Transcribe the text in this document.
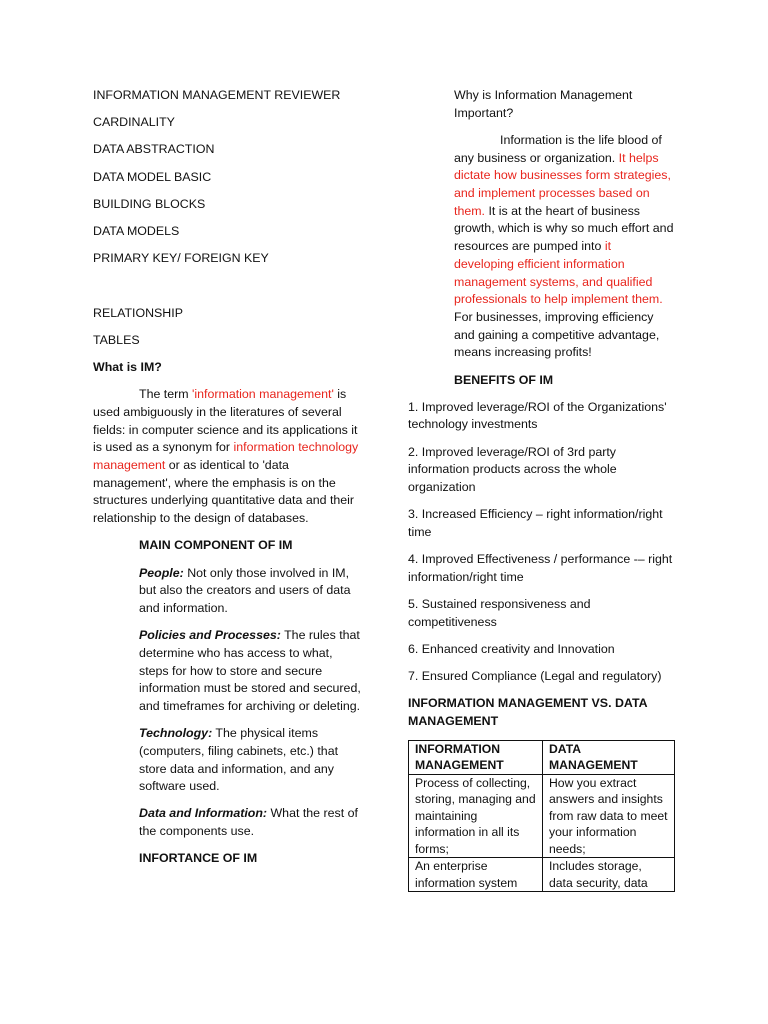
INFORMATION MANAGEMENT REVIEWER

CARDINALITY

DATA ABSTRACTION

DATA MODEL BASIC

BUILDING BLOCKS

DATA MODELS

PRIMARY KEY/ FOREIGN KEY

RELATIONSHIP

TABLES

What is IM?

The term 'information management' is used ambiguously in the literatures of several fields: in computer science and its applications it is used as a synonym for information technology management or as identical to 'data management', where the emphasis is on the structures underlying quantitative data and their relationship to the design of databases.

MAIN COMPONENT OF IM

People: Not only those involved in IM, but also the creators and users of data and information.

Policies and Processes: The rules that determine who has access to what, steps for how to store and secure information must be stored and secured, and timeframes for archiving or deleting.

Technology: The physical items (computers, filing cabinets, etc.) that store data and information, and any software used.

Data and Information: What the rest of the components use.

INFORTANCE OF IM

Why is Information Management Important?

Information is the life blood of any business or organization. It helps dictate how businesses form strategies, and implement processes based on them. It is at the heart of business growth, which is why so much effort and resources are pumped into it developing efficient information management systems, and qualified professionals to help implement them. For businesses, improving efficiency and gaining a competitive advantage, means increasing profits!

BENEFITS OF IM

1. Improved leverage/ROI of the Organizations' technology investments

2. Improved leverage/ROI of 3rd party information products across the whole organization

3. Increased Efficiency – right information/right time

4. Improved Effectiveness / performance -– right information/right time

5. Sustained responsiveness and competitiveness

6. Enhanced creativity and Innovation

7. Ensured Compliance (Legal and regulatory)

INFORMATION MANAGEMENT VS. DATA MANAGEMENT

INFORMATION MANAGEMENT	DATA MANAGEMENT
Process of collecting, storing, managing and maintaining information in all its forms;	How you extract answers and insights from raw data to meet your information needs;
An enterprise information system	Includes storage, data security, data
